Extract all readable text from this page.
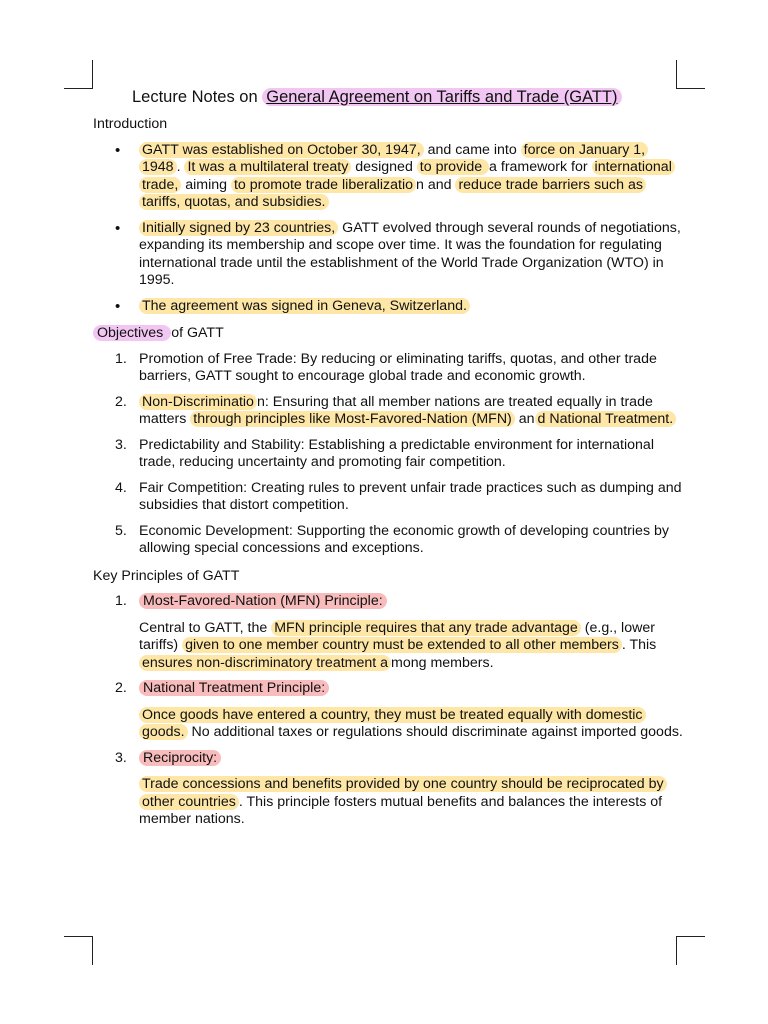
Lecture Notes on General Agreement on Tariffs and Trade (GATT)

Introduction

• GATT was established on October 30, 1947, and came into force on January 1, 1948 . It was a multilateral treaty designed to provide a framework for international trade, aiming to promote trade liberalizatio n and reduce trade barriers such as tariffs, quotas, and subsidies.
• Initially signed by 23 countries, GATT evolved through several rounds of negotiations, expanding its membership and scope over time. It was the foundation for regulating international trade until the establishment of the World Trade Organization (WTO) in 1995.
• The agreement was signed in Geneva, Switzerland.

Objectives of GATT

1. Promotion of Free Trade: By reducing or eliminating tariffs, quotas, and other trade barriers, GATT sought to encourage global trade and economic growth.
2. Non-Discriminatio n: Ensuring that all member nations are treated equally in trade matters through principles like Most-Favored-Nation (MFN) an d National Treatment.
3. Predictability and Stability: Establishing a predictable environment for international trade, reducing uncertainty and promoting fair competition.
4. Fair Competition: Creating rules to prevent unfair trade practices such as dumping and subsidies that distort competition.
5. Economic Development: Supporting the economic growth of developing countries by allowing special concessions and exceptions.

Key Principles of GATT

1. Most-Favored-Nation (MFN) Principle:
Central to GATT, the MFN principle requires that any trade advantage (e.g., lower tariffs) given to one member country must be extended to all other members . This ensures non-discriminatory treatment a mong members.
2. National Treatment Principle:
Once goods have entered a country, they must be treated equally with domestic goods. No additional taxes or regulations should discriminate against imported goods.
3. Reciprocity:
Trade concessions and benefits provided by one country should be reciprocated by other countries . This principle fosters mutual benefits and balances the interests of member nations.
